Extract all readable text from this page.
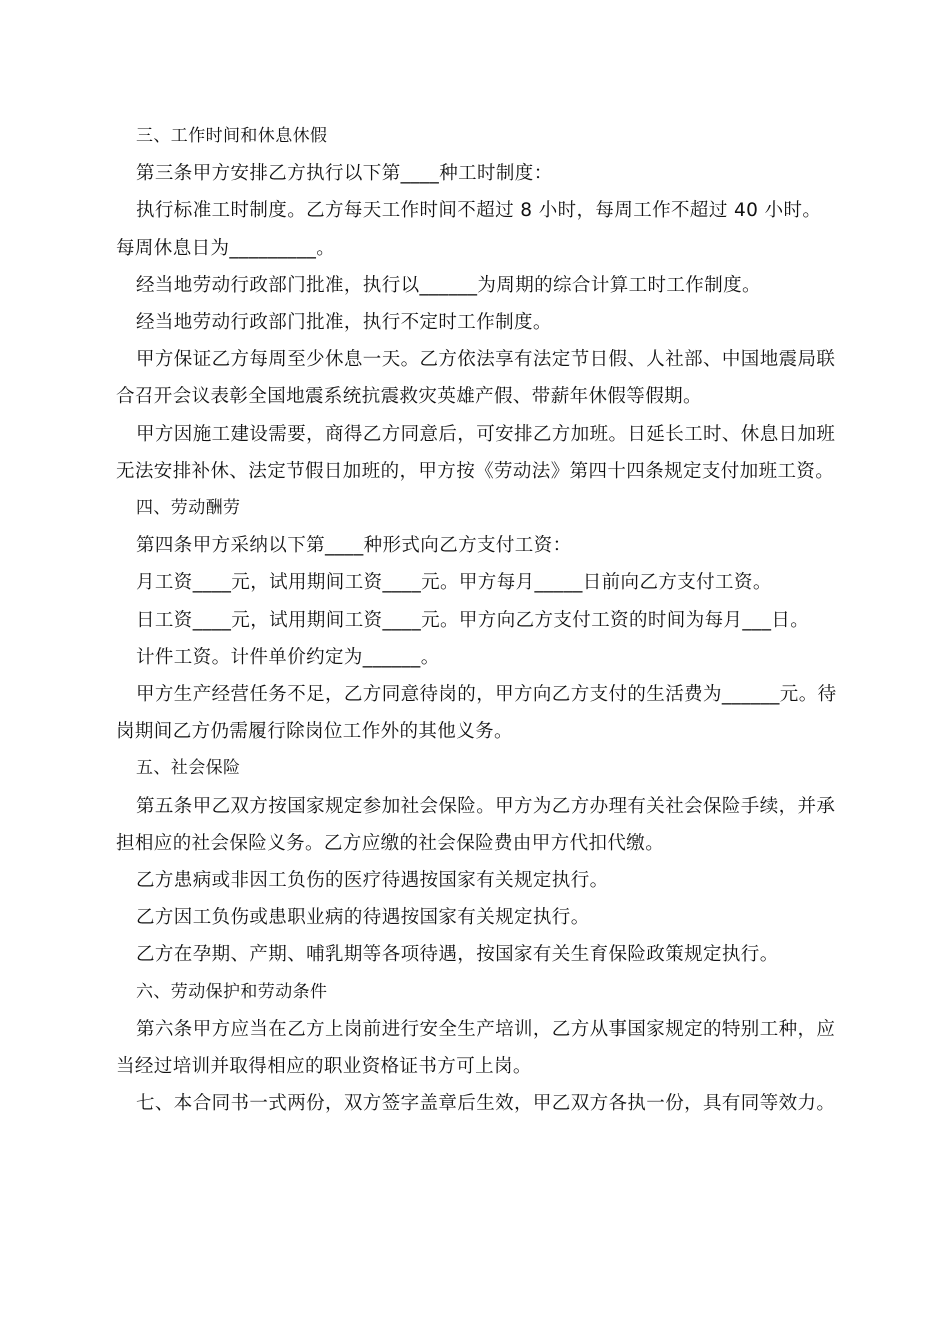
三、工作时间和休息休假

第三条甲方安排乙方执行以下第____种工时制度：

执行标准工时制度。乙方每天工作时间不超过 8 小时，每周工作不超过 40 小时。每周休息日为_________。

经当地劳动行政部门批准，执行以______为周期的综合计算工时工作制度。

经当地劳动行政部门批准，执行不定时工作制度。

甲方保证乙方每周至少休息一天。乙方依法享有法定节日假、人社部、中国地震局联合召开会议表彰全国地震系统抗震救灾英雄产假、带薪年休假等假期。

甲方因施工建设需要，商得乙方同意后，可安排乙方加班。日延长工时、休息日加班无法安排补休、法定节假日加班的，甲方按《劳动法》第四十四条规定支付加班工资。

四、劳动酬劳

第四条甲方采纳以下第____种形式向乙方支付工资：

月工资____元，试用期间工资____元。甲方每月_____日前向乙方支付工资。

日工资____元，试用期间工资____元。甲方向乙方支付工资的时间为每月___日。

计件工资。计件单价约定为______。

甲方生产经营任务不足，乙方同意待岗的，甲方向乙方支付的生活费为______元。待岗期间乙方仍需履行除岗位工作外的其他义务。

五、社会保险

第五条甲乙双方按国家规定参加社会保险。甲方为乙方办理有关社会保险手续，并承担相应的社会保险义务。乙方应缴的社会保险费由甲方代扣代缴。

乙方患病或非因工负伤的医疗待遇按国家有关规定执行。

乙方因工负伤或患职业病的待遇按国家有关规定执行。

乙方在孕期、产期、哺乳期等各项待遇，按国家有关生育保险政策规定执行。

六、劳动保护和劳动条件

第六条甲方应当在乙方上岗前进行安全生产培训，乙方从事国家规定的特别工种，应当经过培训并取得相应的职业资格证书方可上岗。

七、本合同书一式两份，双方签字盖章后生效，甲乙双方各执一份，具有同等效力。
